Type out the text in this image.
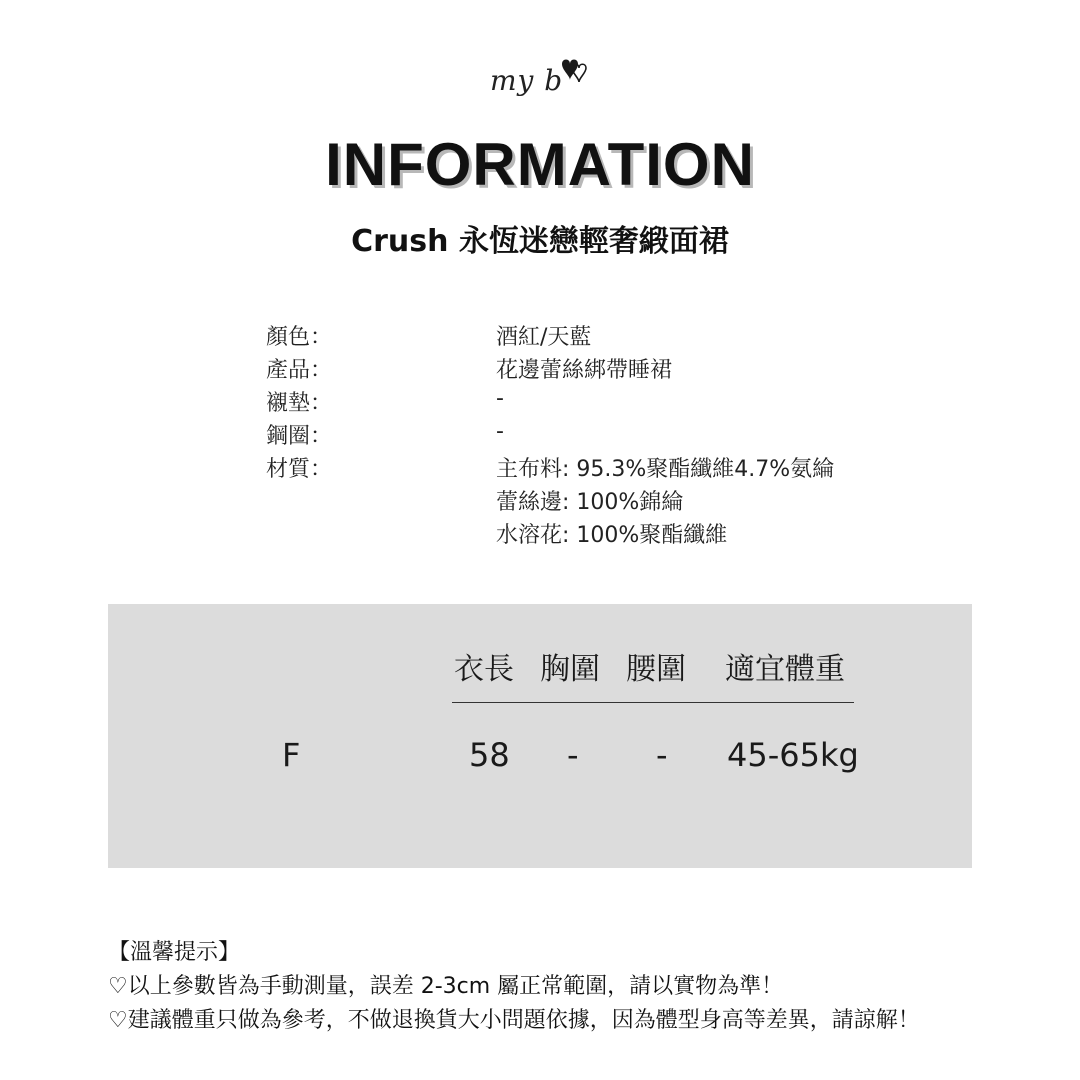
my b
INFORMATION
Crush 永恆迷戀輕奢緞面裙
顏色：	酒紅/天藍
產品：	花邊蕾絲綁帶睡裙
襯墊：	-
鋼圈：	-
材質：	主布料: 95.3%聚酯纖維4.7%氨綸
蕾絲邊: 100%錦綸
水溶花: 100%聚酯纖維
衣長 胸圍 腰圍 適宜體重
F	58 - - 45-65kg
【溫馨提示】
♡以上參數皆為手動測量，誤差 2-3cm 屬正常範圍，請以實物為準！
♡建議體重只做為參考，不做退換貨大小問題依據，因為體型身高等差異，請諒解！
